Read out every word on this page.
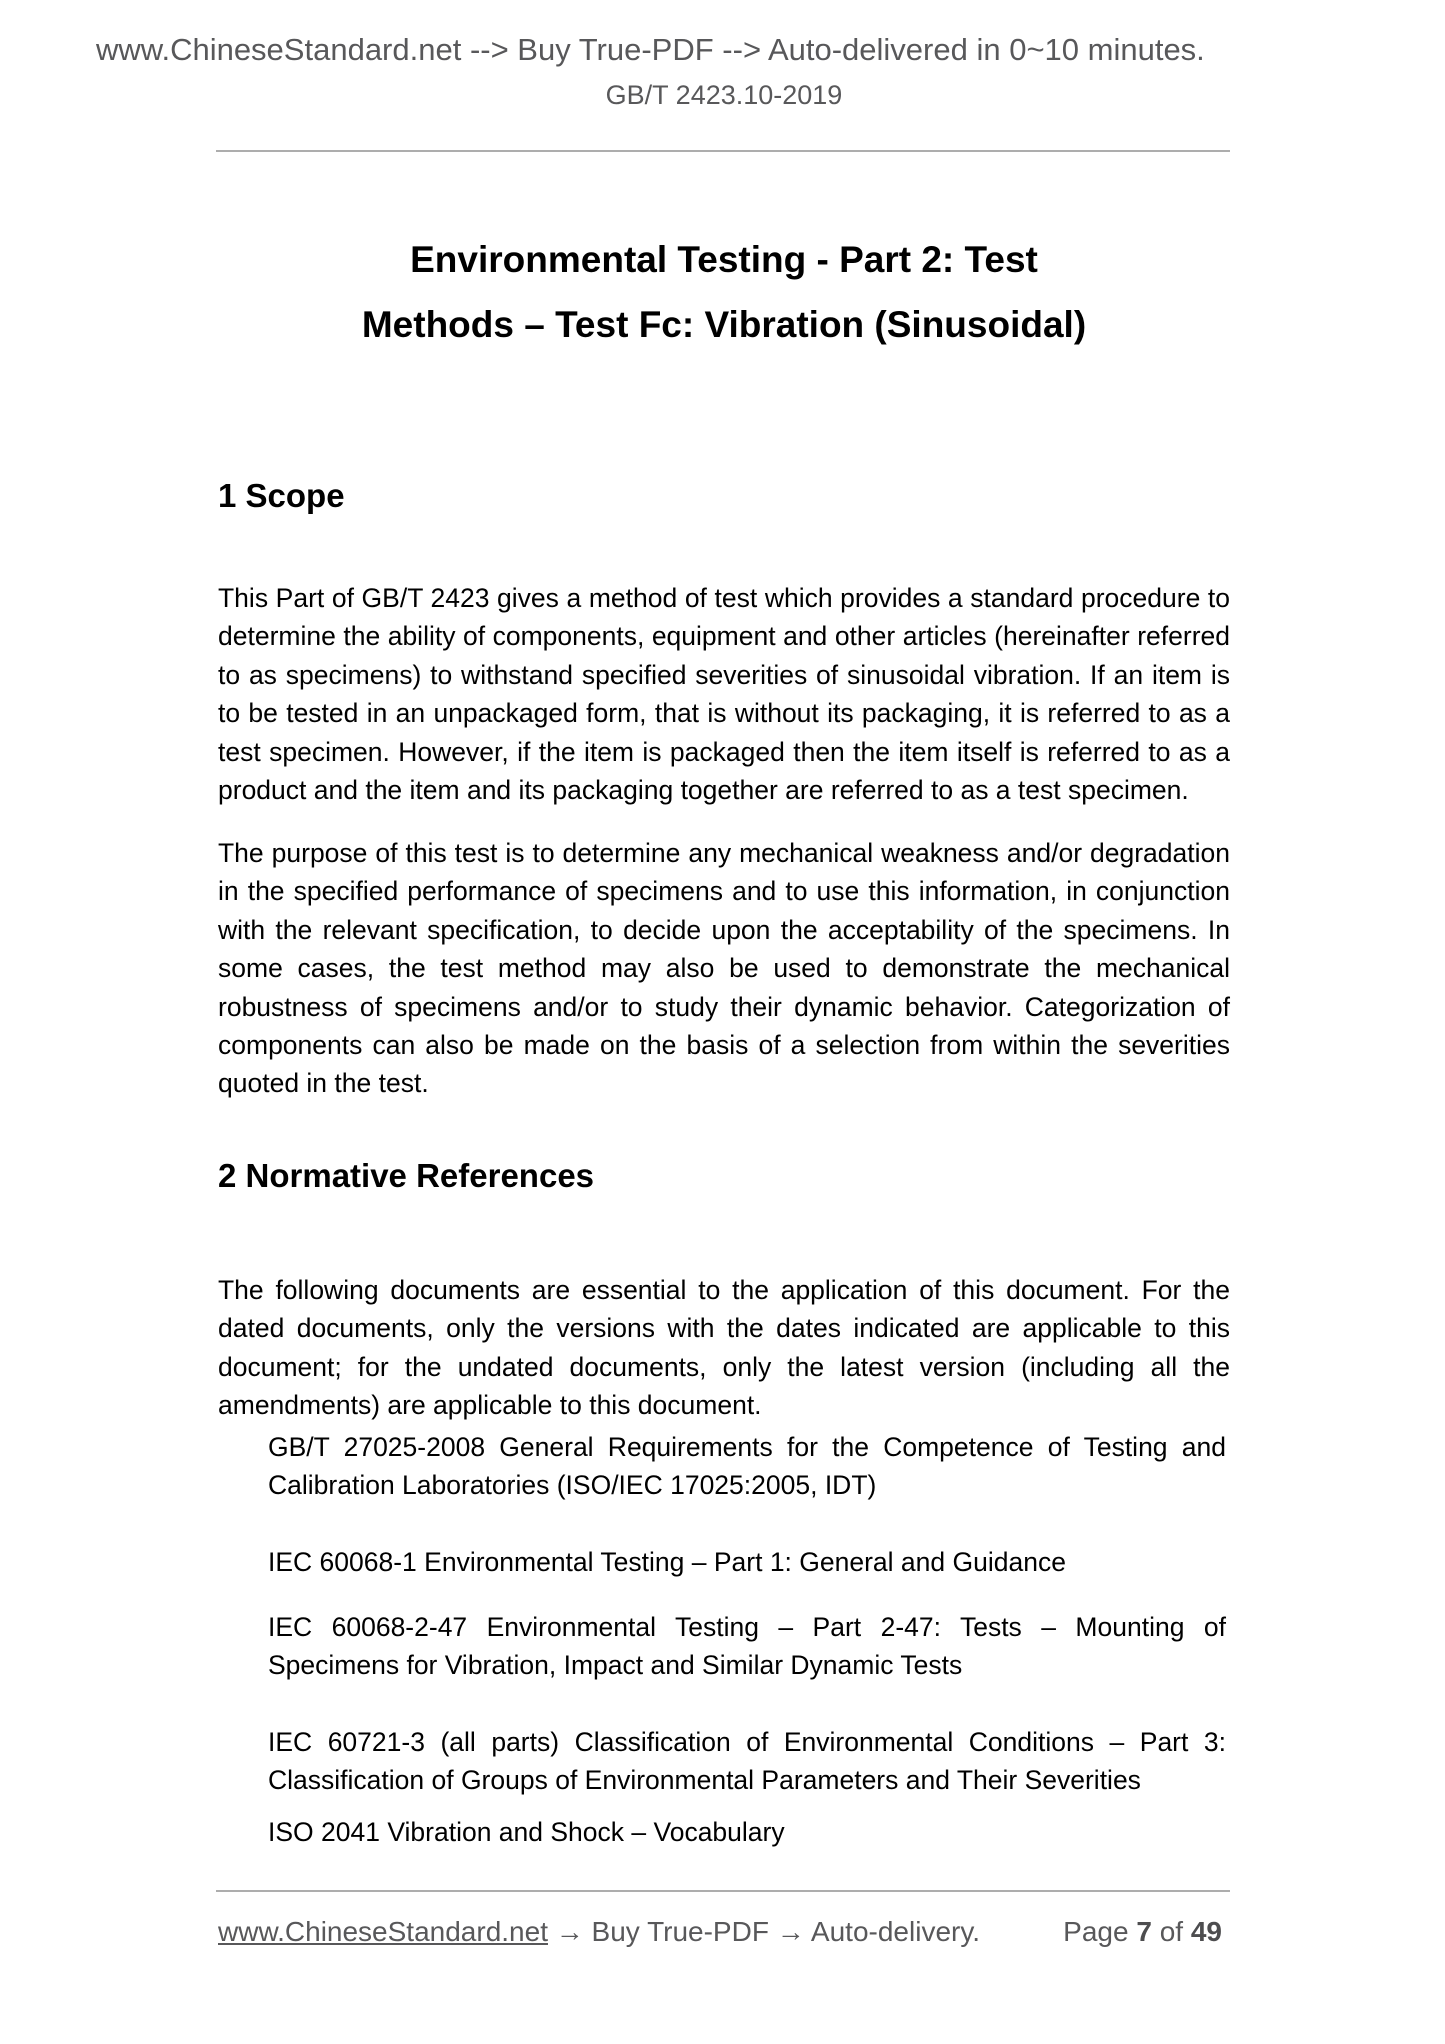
www.ChineseStandard.net --> Buy True-PDF --> Auto-delivered in 0~10 minutes.
GB/T 2423.10-2019
Environmental Testing - Part 2: Test
Methods – Test Fc: Vibration (Sinusoidal)
1 Scope
This Part of GB/T 2423 gives a method of test which provides a standard procedure to determine the ability of components, equipment and other articles (hereinafter referred to as specimens) to withstand specified severities of sinusoidal vibration. If an item is to be tested in an unpackaged form, that is without its packaging, it is referred to as a test specimen. However, if the item is packaged then the item itself is referred to as a product and the item and its packaging together are referred to as a test specimen.
The purpose of this test is to determine any mechanical weakness and/or degradation in the specified performance of specimens and to use this information, in conjunction with the relevant specification, to decide upon the acceptability of the specimens. In some cases, the test method may also be used to demonstrate the mechanical robustness of specimens and/or to study their dynamic behavior. Categorization of components can also be made on the basis of a selection from within the severities quoted in the test.
2 Normative References
The following documents are essential to the application of this document. For the dated documents, only the versions with the dates indicated are applicable to this document; for the undated documents, only the latest version (including all the amendments) are applicable to this document.
GB/T 27025-2008 General Requirements for the Competence of Testing and Calibration Laboratories (ISO/IEC 17025:2005, IDT)
IEC 60068-1 Environmental Testing – Part 1: General and Guidance
IEC 60068-2-47 Environmental Testing – Part 2-47: Tests – Mounting of Specimens for Vibration, Impact and Similar Dynamic Tests
IEC 60721-3 (all parts) Classification of Environmental Conditions – Part 3: Classification of Groups of Environmental Parameters and Their Severities
ISO 2041 Vibration and Shock – Vocabulary
www.ChineseStandard.net → Buy True-PDF → Auto-delivery.	Page 7 of 49
